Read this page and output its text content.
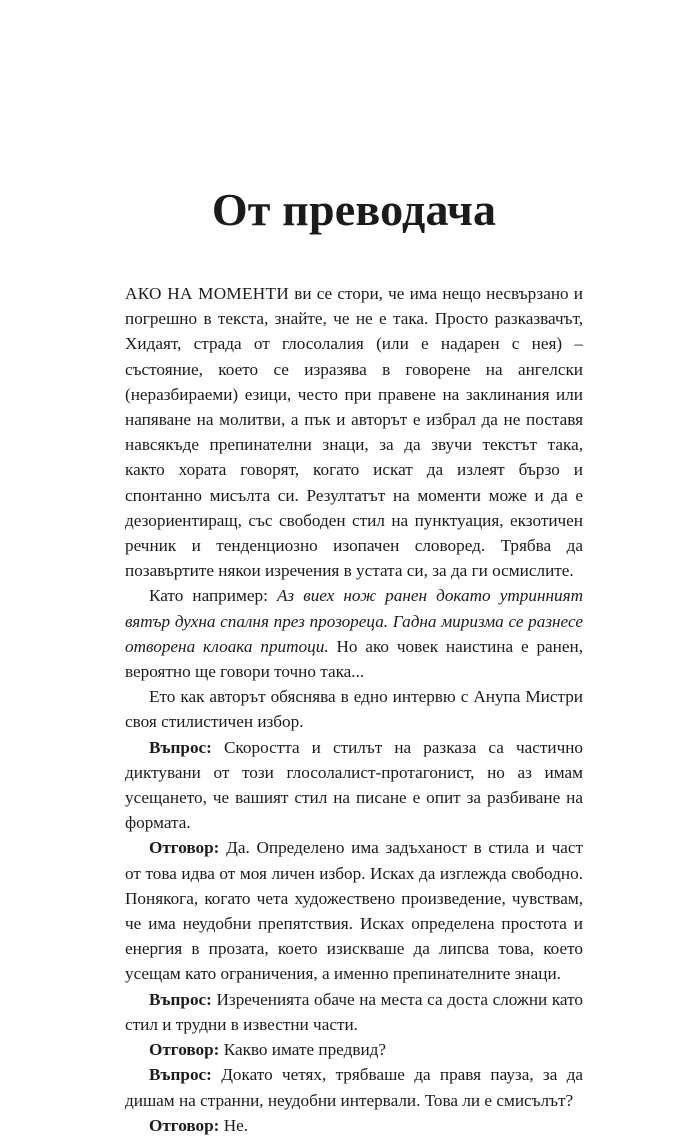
От преводача

АКО НА МОМЕНТИ ви се стори, че има нещо несвързано и погрешно в текста, знайте, че не е така. Просто разказвачът, Хидаят, страда от глосолалия (или е надарен с нея) – състояние, което се изразява в говорене на ангелски (неразбираеми) езици, често при правене на заклинания или напяване на молитви, а пък и авторът е избрал да не поставя навсякъде препинателни знаци, за да звучи текстът така, както хората говорят, когато искат да излеят бързо и спонтанно мисълта си. Резултатът на моменти може и да е дезориентиращ, със свободен стил на пунктуация, екзотичен речник и тенденциозно изопачен словоред. Трябва да позавъртите някои изречения в устата си, за да ги осмислите.

Като например: Аз виех нож ранен докато утринният вятър духна спалня през прозореца. Гадна миризма се разнесе отворена клоака притоци. Но ако човек наистина е ранен, вероятно ще говори точно така...

Ето как авторът обяснява в едно интервю с Анупа Мистри своя стилистичен избор.

Въпрос: Скоростта и стилът на разказа са частично диктувани от този глосолалист-протагонист, но аз имам усещането, че вашият стил на писане е опит за разбиване на формата.

Отговор: Да. Определено има задъханост в стила и част от това идва от моя личен избор. Исках да изглежда свободно. Понякога, когато чета художествено произведение, чувствам, че има неудобни препятствия. Исках определена простота и енергия в прозата, което изискваше да липсва това, което усещам като ограничения, а именно препинателните знаци.

Въпрос: Изреченията обаче на места са доста сложни като стил и трудни в известни части.

Отговор: Какво имате предвид?

Въпрос: Докато четях, трябваше да правя пауза, за да дишам на странни, неудобни интервали. Това ли е смисълът?

Отговор: Не.
